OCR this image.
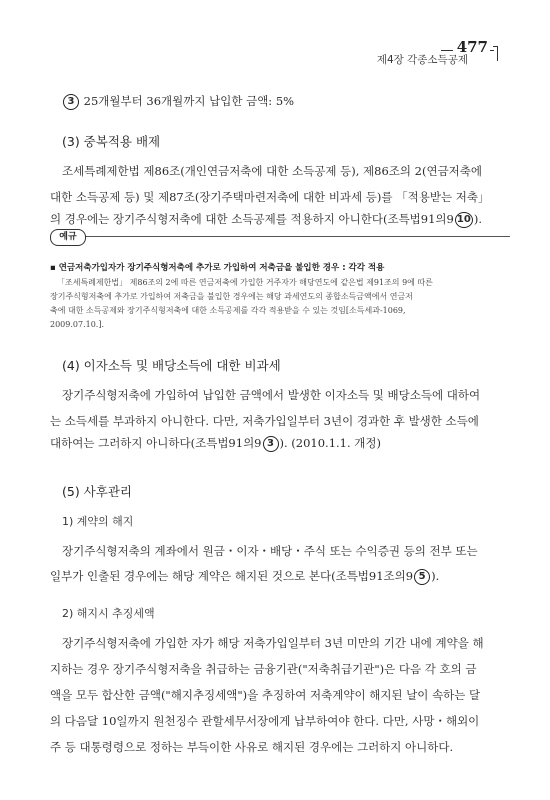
477
제4장 각종소득공제
3 25개월부터 36개월까지 납입한 금액: 5%
(3) 중복적용 배제
조세특례제한법 제86조(개인연금저축에 대한 소득공제 등), 제86조의 2(연금저축에
대한 소득공제 등) 및 제87조(장기주택마련저축에 대한 비과세 등)를 「적용받는 저축」
의 경우에는 장기주식형저축에 대한 소득공제를 적용하지 아니한다(조특법91의9 10 ).
예규
▪ 연금저축가입자가 장기주식형저축에 추가로 가입하여 저축금을 불입한 경우 : 각각 적용
「조세특례제한법」 제86조의 2에 따른 연금저축에 가입한 거주자가 해당연도에 같은법 제91조의 9에 따른
장기주식형저축에 추가로 가입하여 저축금을 불입한 경우에는 해당 과세연도의 종합소득금액에서 연금저
축에 대한 소득공제와 장기주식형저축에 대한 소득공제를 각각 적용받을 수 있는 것임[소득세과-1069,
2009.07.10.].
(4) 이자소득 및 배당소득에 대한 비과세
장기주식형저축에 가입하여 납입한 금액에서 발생한 이자소득 및 배당소득에 대하여
는 소득세를 부과하지 아니한다. 다만, 저축가입일부터 3년이 경과한 후 발생한 소득에
대하여는 그러하지 아니하다(조특법91의9 3 ). (2010.1.1. 개정)
(5) 사후관리
1) 계약의 해지
장기주식형저축의 계좌에서 원금・이자・배당・주식 또는 수익증권 등의 전부 또는
일부가 인출된 경우에는 해당 계약은 해지된 것으로 본다(조특법91조의9 5 ).
2) 해지시 추징세액
장기주식형저축에 가입한 자가 해당 저축가입일부터 3년 미만의 기간 내에 계약을 해
지하는 경우 장기주식형저축을 취급하는 금융기관("저축취급기관")은 다음 각 호의 금
액을 모두 합산한 금액("해지추징세액")을 추징하여 저축계약이 해지된 날이 속하는 달
의 다음달 10일까지 원천징수 관할세무서장에게 납부하여야 한다. 다만, 사망・해외이
주 등 대통령령으로 정하는 부득이한 사유로 해지된 경우에는 그러하지 아니하다.
